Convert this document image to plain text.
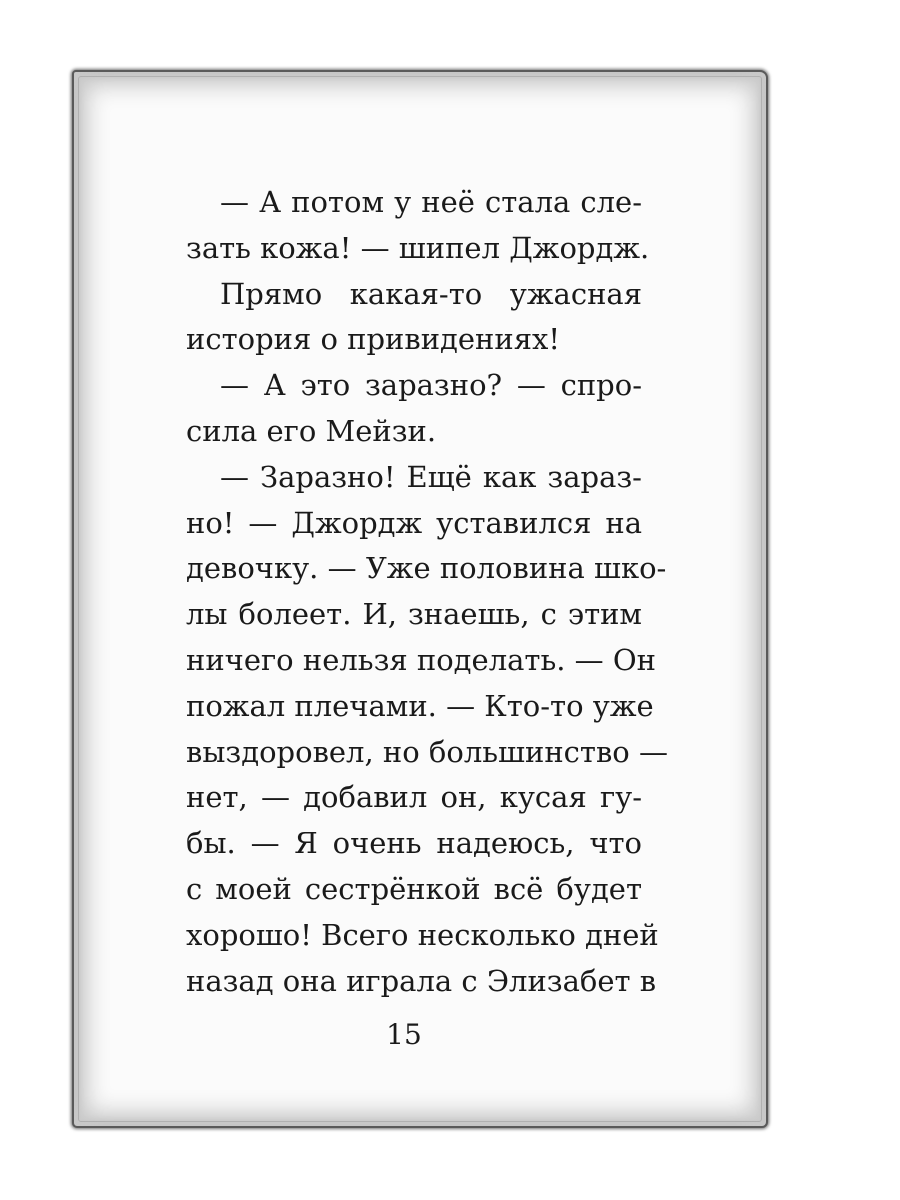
— А потом у неё стала сле-
зать кожа! — шипел Джордж.
Прямо какая-то ужасная
история о привидениях!
— А это заразно? — спро-
сила его Мейзи.
— Заразно! Ещё как зараз-
но! — Джордж уставился на
девочку. — Уже половина шко-
лы болеет. И, знаешь, с этим
ничего нельзя поделать. — Он
пожал плечами. — Кто-то уже
выздоровел, но большинство —
нет, — добавил он, кусая гу-
бы. — Я очень надеюсь, что
с моей сестрёнкой всё будет
хорошо! Всего несколько дней
назад она играла с Элизабет в
15
